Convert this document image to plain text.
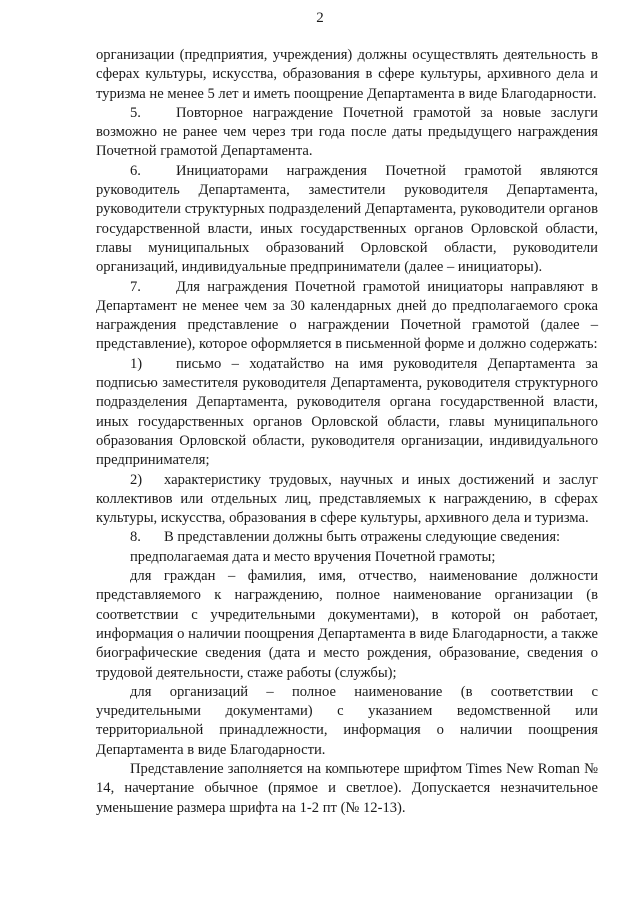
2

организации (предприятия, учреждения) должны осуществлять деятельность в сферах культуры, искусства, образования в сфере культуры, архивного дела и туризма не менее 5 лет и иметь поощрение Департамента в виде Благодарности.

5. Повторное награждение Почетной грамотой за новые заслуги возможно не ранее чем через три года после даты предыдущего награждения Почетной грамотой Департамента.

6. Инициаторами награждения Почетной грамотой являются руководитель Департамента, заместители руководителя Департамента, руководители структурных подразделений Департамента, руководители органов государственной власти, иных государственных органов Орловской области, главы муниципальных образований Орловской области, руководители организаций, индивидуальные предприниматели (далее – инициаторы).

7. Для награждения Почетной грамотой инициаторы направляют в Департамент не менее чем за 30 календарных дней до предполагаемого срока награждения представление о награждении Почетной грамотой (далее – представление), которое оформляется в письменной форме и должно содержать:

1) письмо – ходатайство на имя руководителя Департамента за подписью заместителя руководителя Департамента, руководителя структурного подразделения Департамента, руководителя органа государственной власти, иных государственных органов Орловской области, главы муниципального образования Орловской области, руководителя организации, индивидуального предпринимателя;

2) характеристику трудовых, научных и иных достижений и заслуг коллективов или отдельных лиц, представляемых к награждению, в сферах культуры, искусства, образования в сфере культуры, архивного дела и туризма.

8. В представлении должны быть отражены следующие сведения:

предполагаемая дата и место вручения Почетной грамоты;

для граждан – фамилия, имя, отчество, наименование должности представляемого к награждению, полное наименование организации (в соответствии с учредительными документами), в которой он работает, информация о наличии поощрения Департамента в виде Благодарности, а также биографические сведения (дата и место рождения, образование, сведения о трудовой деятельности, стаже работы (службы);

для организаций – полное наименование (в соответствии с учредительными документами) с указанием ведомственной или территориальной принадлежности, информация о наличии поощрения Департамента в виде Благодарности.

Представление заполняется на компьютере шрифтом Times New Roman № 14, начертание обычное (прямое и светлое). Допускается незначительное уменьшение размера шрифта на 1-2 пт (№ 12-13).
